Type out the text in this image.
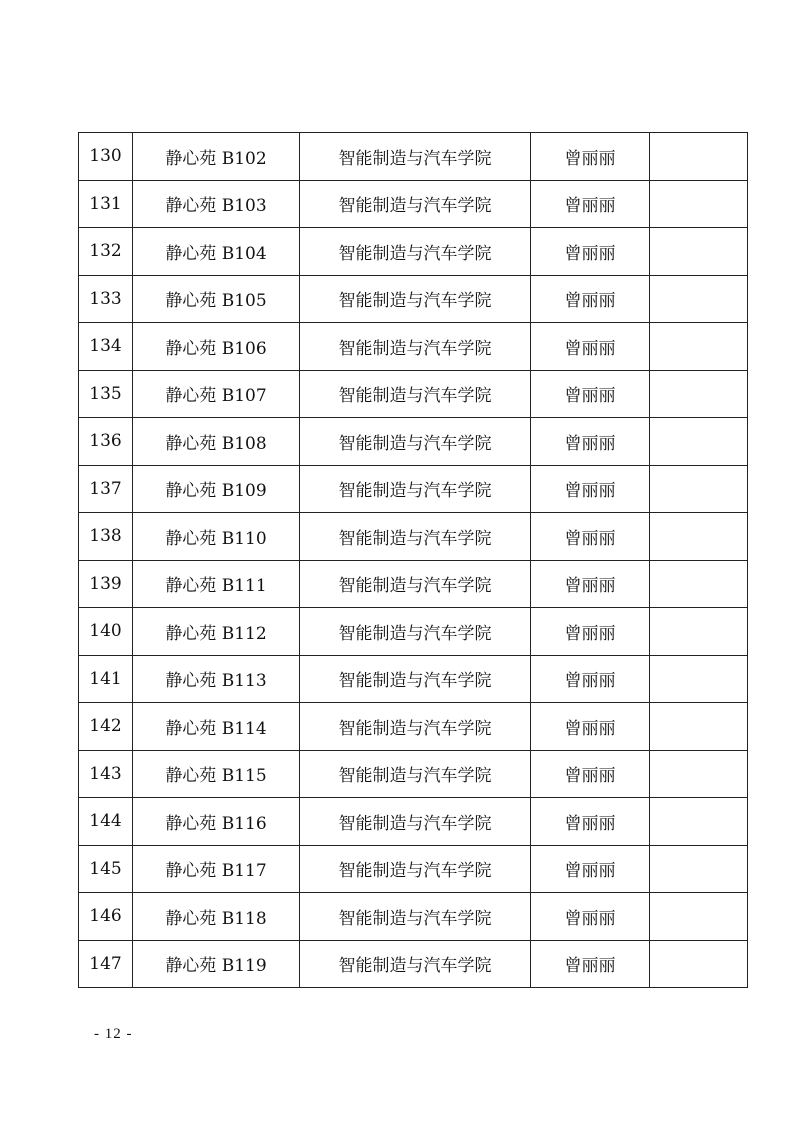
130	静心苑 B102	智能制造与汽车学院	曾丽丽	
131	静心苑 B103	智能制造与汽车学院	曾丽丽	
132	静心苑 B104	智能制造与汽车学院	曾丽丽	
133	静心苑 B105	智能制造与汽车学院	曾丽丽	
134	静心苑 B106	智能制造与汽车学院	曾丽丽	
135	静心苑 B107	智能制造与汽车学院	曾丽丽	
136	静心苑 B108	智能制造与汽车学院	曾丽丽	
137	静心苑 B109	智能制造与汽车学院	曾丽丽	
138	静心苑 B110	智能制造与汽车学院	曾丽丽	
139	静心苑 B111	智能制造与汽车学院	曾丽丽	
140	静心苑 B112	智能制造与汽车学院	曾丽丽	
141	静心苑 B113	智能制造与汽车学院	曾丽丽	
142	静心苑 B114	智能制造与汽车学院	曾丽丽	
143	静心苑 B115	智能制造与汽车学院	曾丽丽	
144	静心苑 B116	智能制造与汽车学院	曾丽丽	
145	静心苑 B117	智能制造与汽车学院	曾丽丽	
146	静心苑 B118	智能制造与汽车学院	曾丽丽	
147	静心苑 B119	智能制造与汽车学院	曾丽丽	
- 12 -
